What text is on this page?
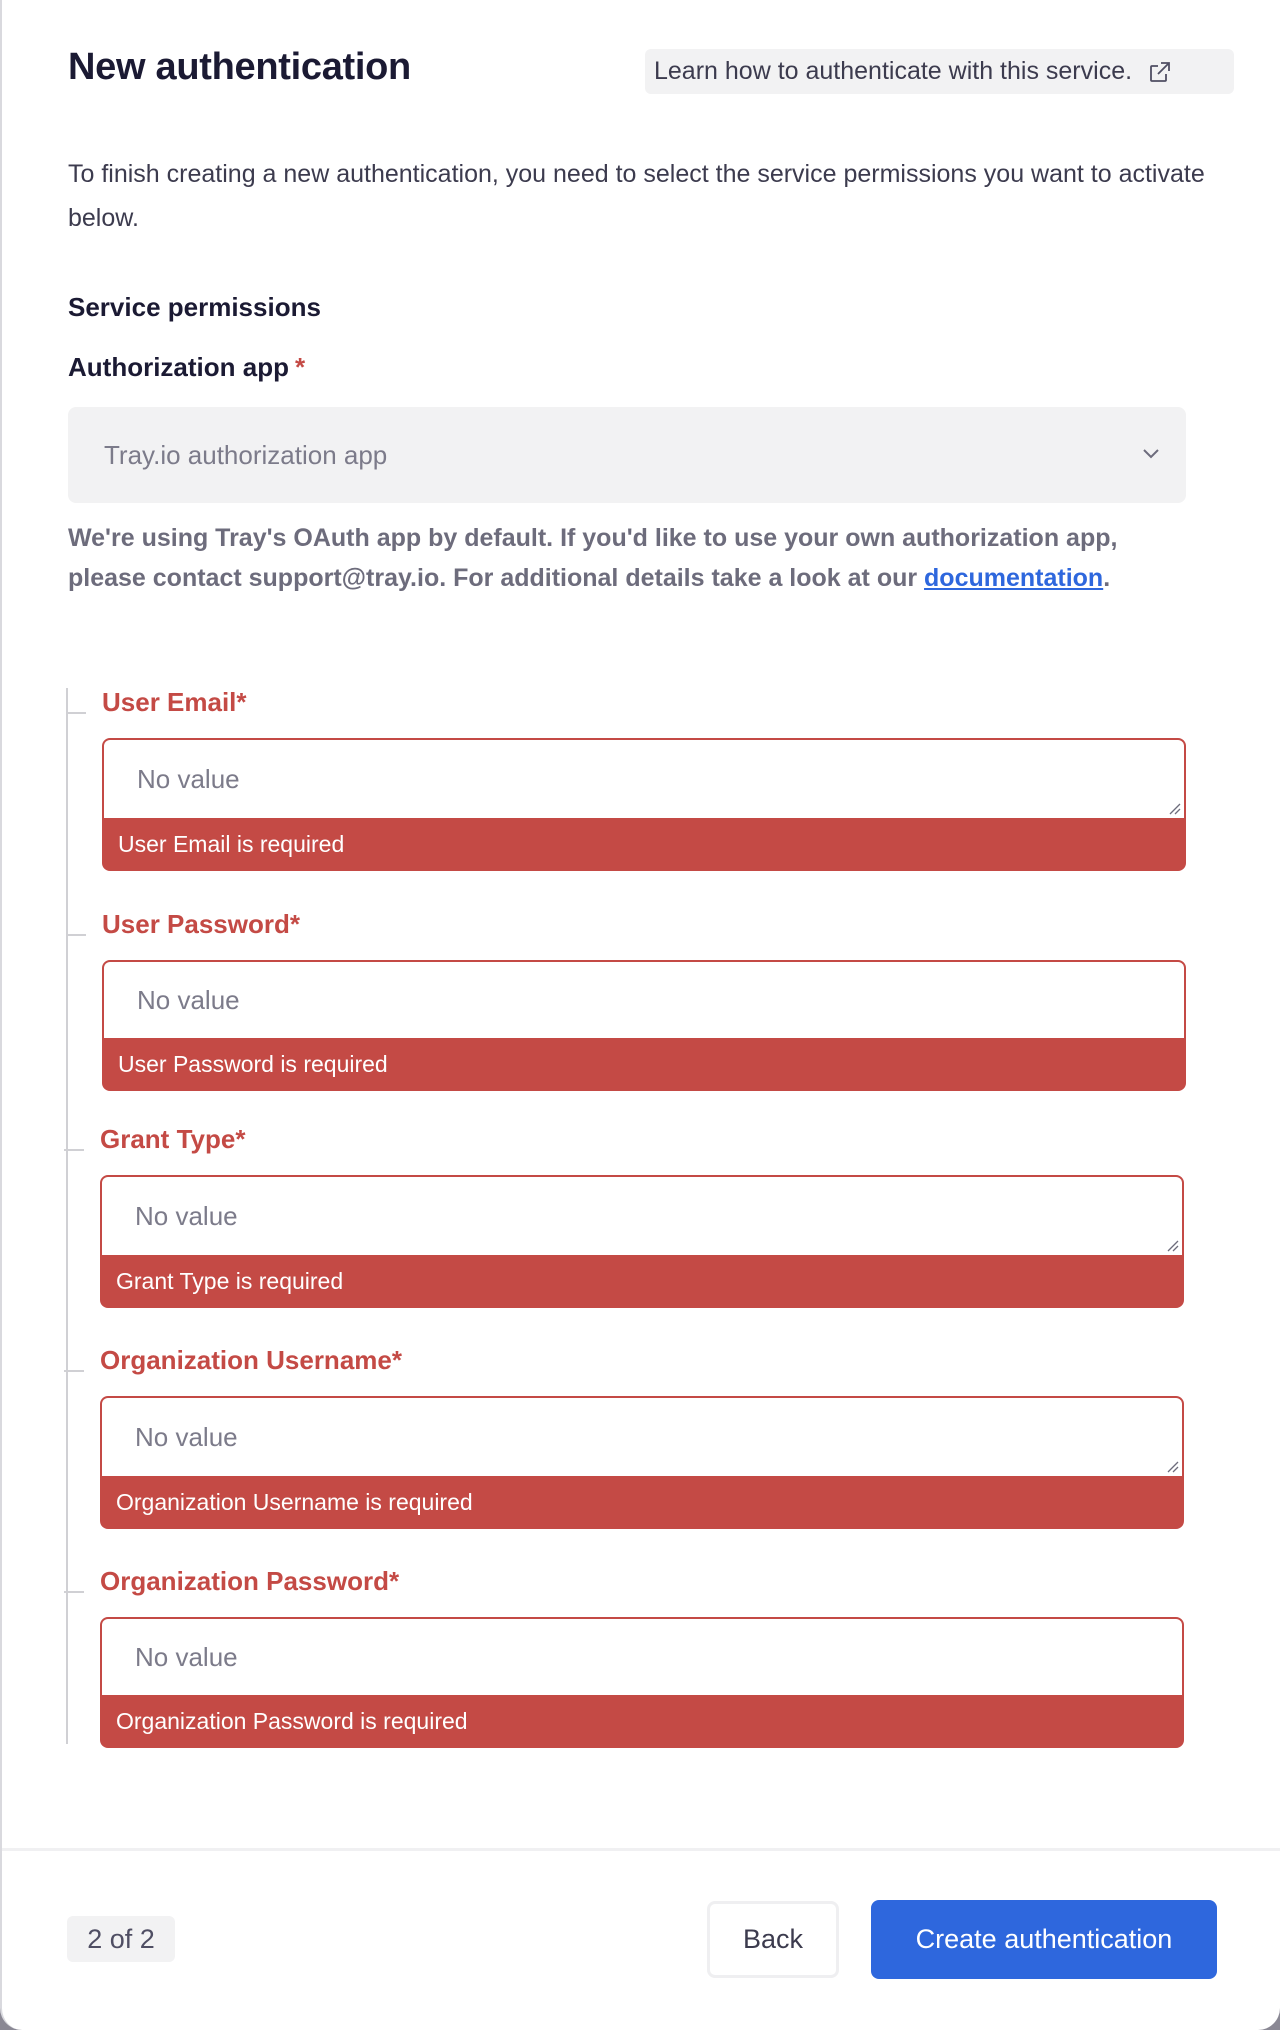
New authentication	Learn how to authenticate with this service.
To finish creating a new authentication, you need to select the service permissions you want to activate below.
Service permissions
Authorization app *
Tray.io authorization app
We're using Tray's OAuth app by default. If you'd like to use your own authorization app, please contact support@tray.io. For additional details take a look at our documentation.
User Email*
No value
User Email is required
User Password*
No value
User Password is required
Grant Type*
No value
Grant Type is required
Organization Username*
No value
Organization Username is required
Organization Password*
No value
Organization Password is required
2 of 2	Back	Create authentication
